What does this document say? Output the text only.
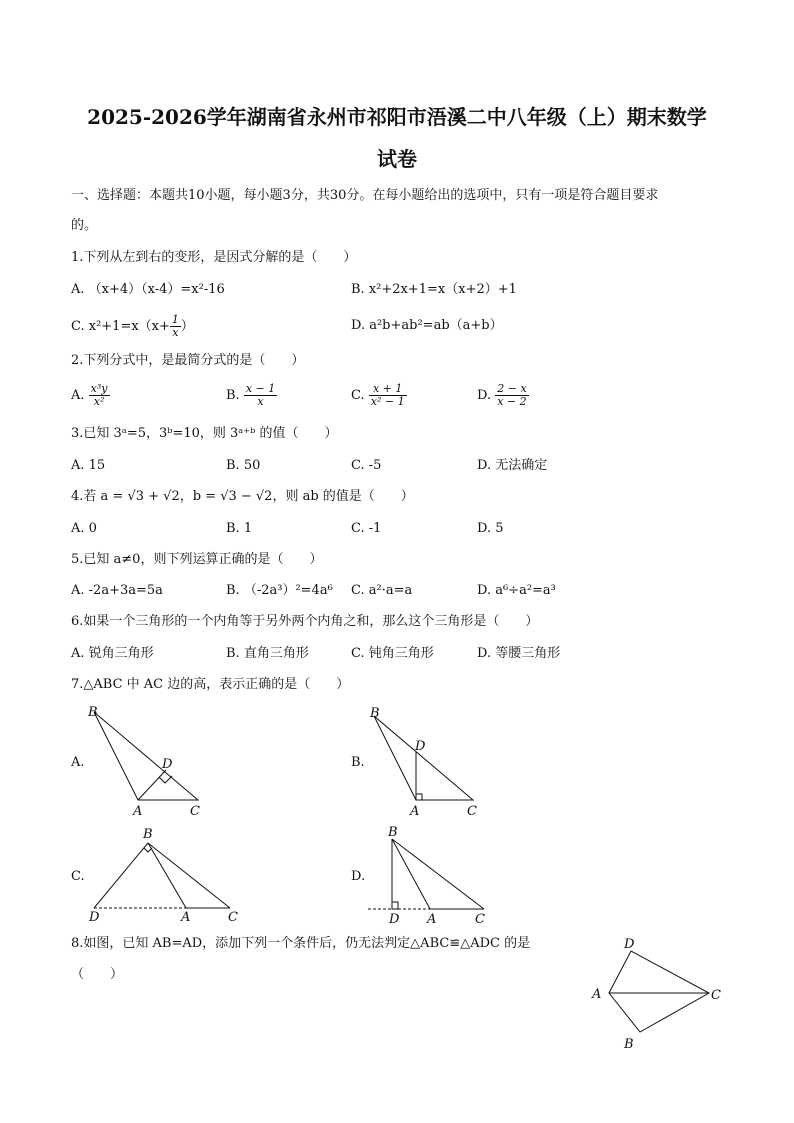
2025-2026学年湖南省永州市祁阳市浯溪二中八年级（上）期末数学
试卷
一、选择题：本题共10小题，每小题3分，共30分。在每小题给出的选项中，只有一项是符合题目要求
的。
1.下列从左到右的变形，是因式分解的是（　　）
A. （x+4）（x-4）=x²-16	B. x²+2x+1=x（x+2）+1
C. $x^2+1=x(x+ \frac{1}{x}$ ）	D. a²b+ab²=ab（a+b）
2.下列分式中，是最简分式的是（　　）
A. $\frac{\text{x³y}}{\text{x²}}$	B. $\frac{x - 1}{x}$	C. $\frac{x + 1}{\text{x² − 1}}$	D. $\frac{2 - x}{x - 2}$
3.已知 3ᵃ=5，3ᵇ=10，则 3ᵃ⁺ᵇ 的值（　　）
A. 15	B. 50	C. -5	D. 无法确定
4.若 a = √3 + √2，b = √3 − √2，则 ab 的值是（　　）
A. 0	B. 1	C. -1	D. 5
5.已知 a≠0，则下列运算正确的是（　　）
A. -2a+3a=5a	B. （-2a³）²=4a⁶ C. a²·a=a	D. a⁶÷a²=a³
6.如果一个三角形的一个内角等于另外两个内角之和，那么这个三角形是（　　）
A. 锐角三角形	B. 直角三角形	C. 钝角三角形	D. 等腰三角形
7.△ABC 中 AC 边的高，表示正确的是（　　）
A.
B
D
A	C
B.
B
D
A	C
C.
B
D	A	C
D.
B
D A	C
8.如图，已知 AB=AD，添加下列一个条件后，仍无法判定△ABC≌△ADC 的是
（　　）
D
A	C
B
